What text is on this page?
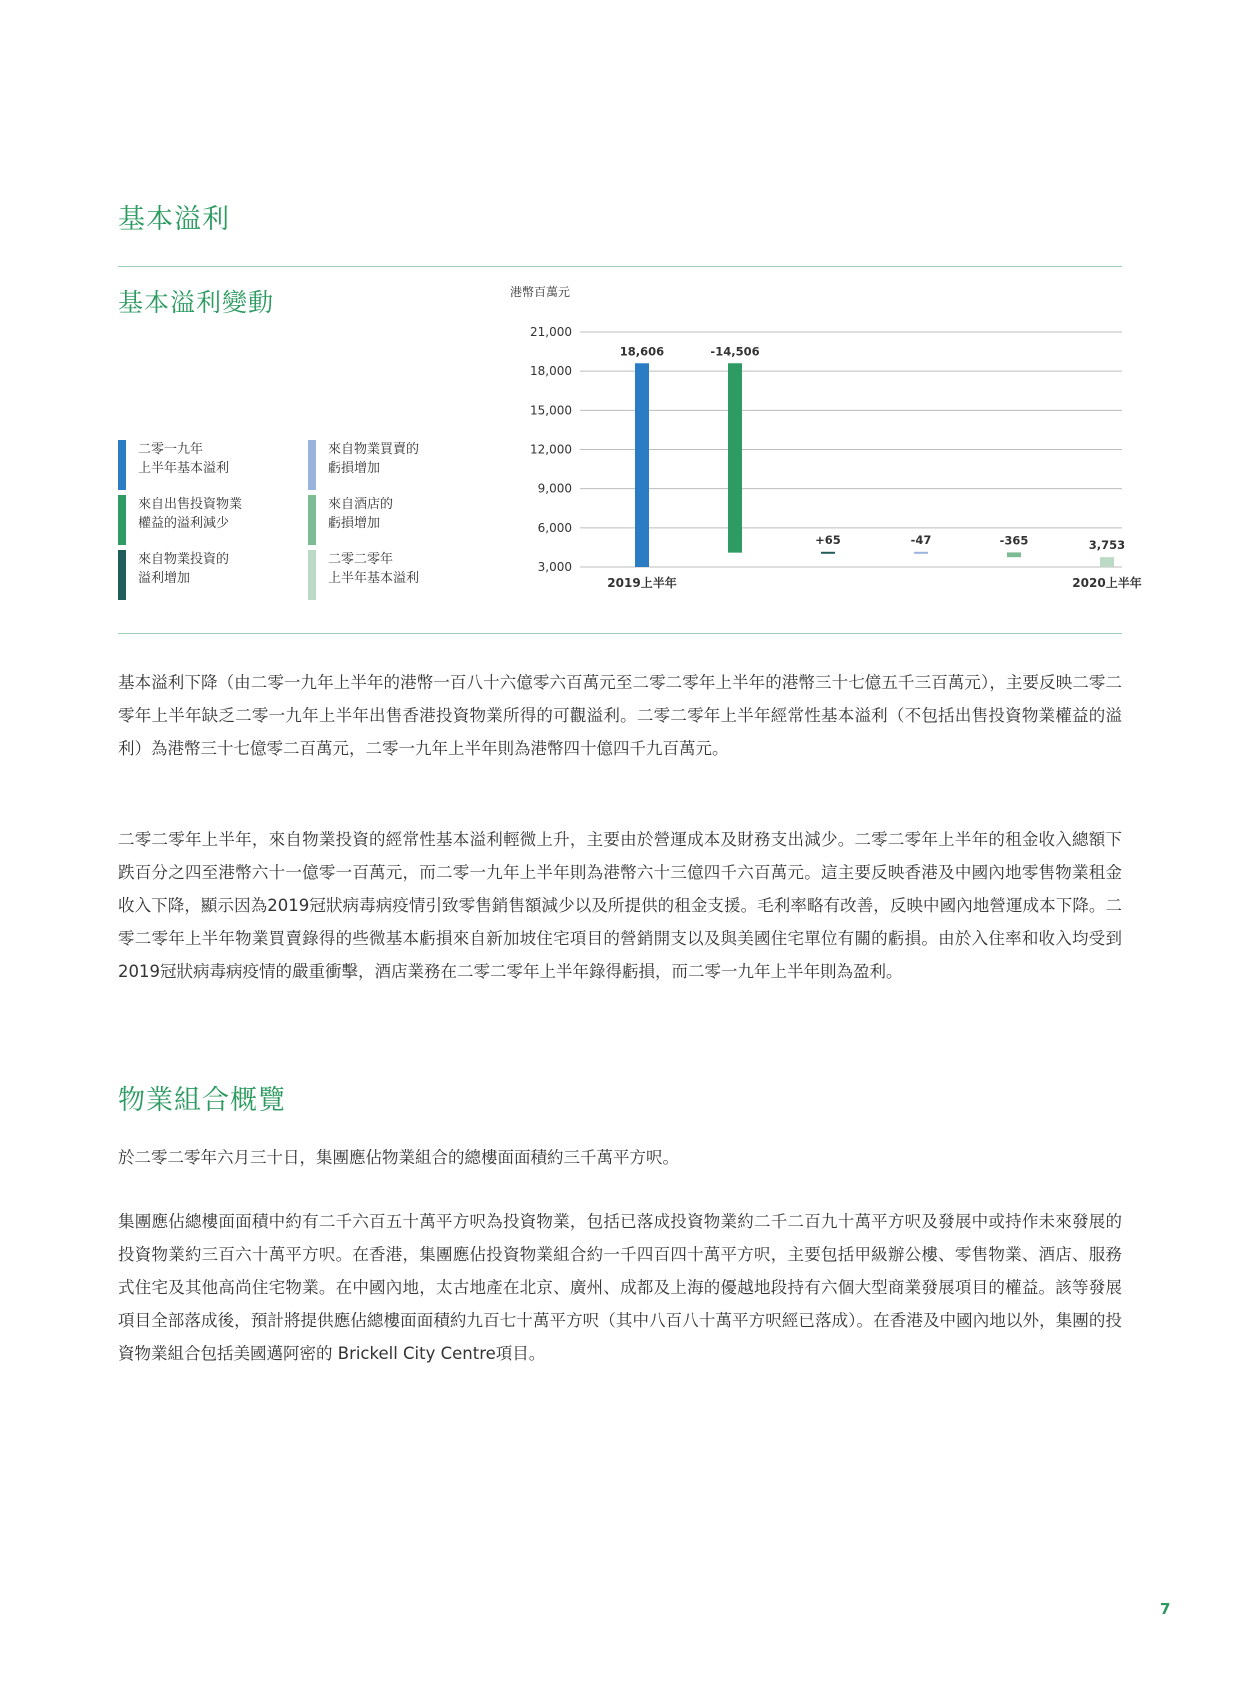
基本溢利
基本溢利變動
二零一九年
上半年基本溢利
來自物業買賣的
虧損增加
來自出售投資物業
權益的溢利減少
來自酒店的
虧損增加
來自物業投資的
溢利增加
二零二零年
上半年基本溢利
港幣百萬元
21,000
18,000
15,000
12,000
9,000
6,000
3,000
18,606	-14,506
+65	-47	-365	3,753
2019上半年	2020上半年

基本溢利下降（由二零一九年上半年的港幣一百八十六億零六百萬元至二零二零年上半年的港幣三十七億五千三百萬元），主要反映二零二零年上半年缺乏二零一九年上半年出售香港投資物業所得的可觀溢利。二零二零年上半年經常性基本溢利（不包括出售投資物業權益的溢利）為港幣三十七億零二百萬元，二零一九年上半年則為港幣四十億四千九百萬元。

二零二零年上半年，來自物業投資的經常性基本溢利輕微上升，主要由於營運成本及財務支出減少。二零二零年上半年的租金收入總額下跌百分之四至港幣六十一億零一百萬元，而二零一九年上半年則為港幣六十三億四千六百萬元。這主要反映香港及中國內地零售物業租金收入下降，顯示因為2019冠狀病毒病疫情引致零售銷售額減少以及所提供的租金支援。毛利率略有改善，反映中國內地營運成本下降。二零二零年上半年物業買賣錄得的些微基本虧損來自新加坡住宅項目的營銷開支以及與美國住宅單位有關的虧損。由於入住率和收入均受到2019冠狀病毒病疫情的嚴重衝擊，酒店業務在二零二零年上半年錄得虧損，而二零一九年上半年則為盈利。

物業組合概覽

於二零二零年六月三十日，集團應佔物業組合的總樓面面積約三千萬平方呎。

集團應佔總樓面面積中約有二千六百五十萬平方呎為投資物業，包括已落成投資物業約二千二百九十萬平方呎及發展中或持作未來發展的投資物業約三百六十萬平方呎。在香港，集團應佔投資物業組合約一千四百四十萬平方呎，主要包括甲級辦公樓、零售物業、酒店、服務式住宅及其他高尚住宅物業。在中國內地，太古地產在北京、廣州、成都及上海的優越地段持有六個大型商業發展項目的權益。該等發展項目全部落成後，預計將提供應佔總樓面面積約九百七十萬平方呎（其中八百八十萬平方呎經已落成）。在香港及中國內地以外，集團的投資物業組合包括美國邁阿密的 Brickell City Centre項目。

7
